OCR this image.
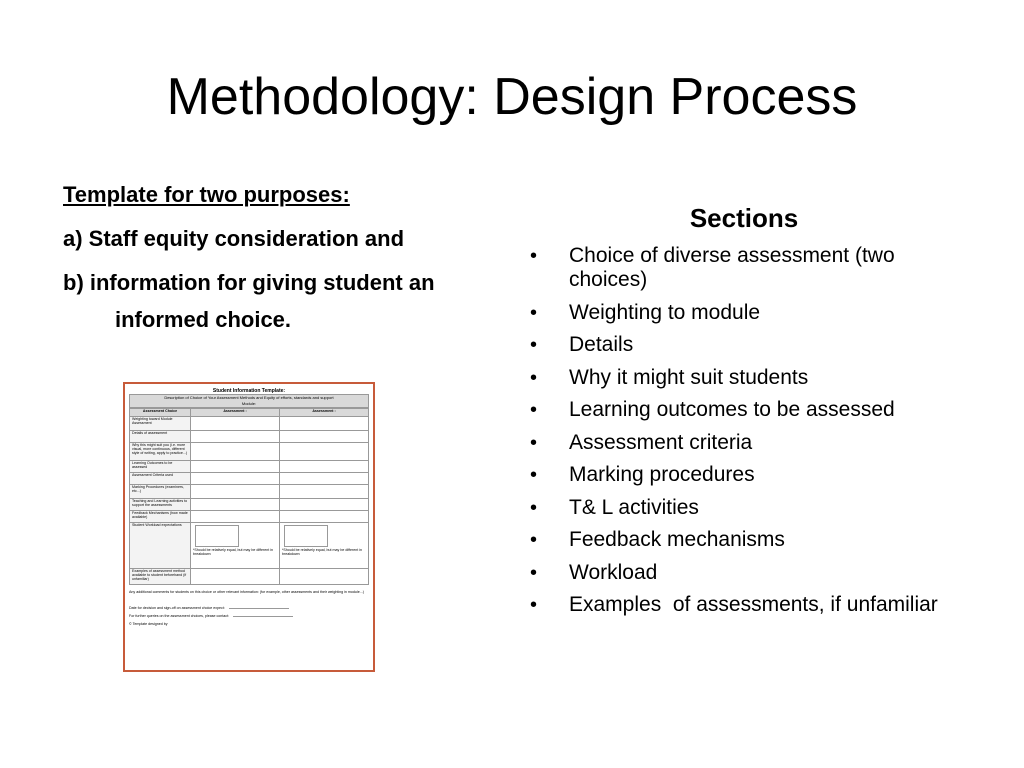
Methodology: Design Process

Template for two purposes:

a) Staff equity consideration and

b) information for giving student an informed choice.

Student Information Template:
Description of Choice of Your Assessment Methods and Equity of efforts, standards and support
Module:
Assessment Choice	Assessment :	Assessment :
Weighting toward Module Assessment		
Details of assessment		
Why this might suit you (i.e. more visual, more continuous, different style of writing, apply to practice...)		
Learning Outcomes to be assessed		
Assessment Criteria used		
Marking Procedures (examiners, etc...)		
Teaching and Learning activities to support the assessments		
Feedback Mechanisms (how made available)		
Student Workload expectations	*Should be relatively equal, but may be different in breakdown	*Should be relatively equal, but may be different in breakdown

Examples of assessment method available to student beforehand (if unfamiliar)		
Any additional comments for students on this choice or other relevant information: (for example, other assessments and their weighting in module...)
Date for decision and sign-off on assessment choice expect:
For further queries on the assessment choices, please contact:
© Template designed by
Sections
• Choice of diverse assessment (two choices)
• Weighting to module
• Details
• Why it might suit students
• Learning outcomes to be assessed
• Assessment criteria
• Marking procedures
• T& L activities
• Feedback mechanisms
• Workload
• Examples  of assessments, if unfamiliar
